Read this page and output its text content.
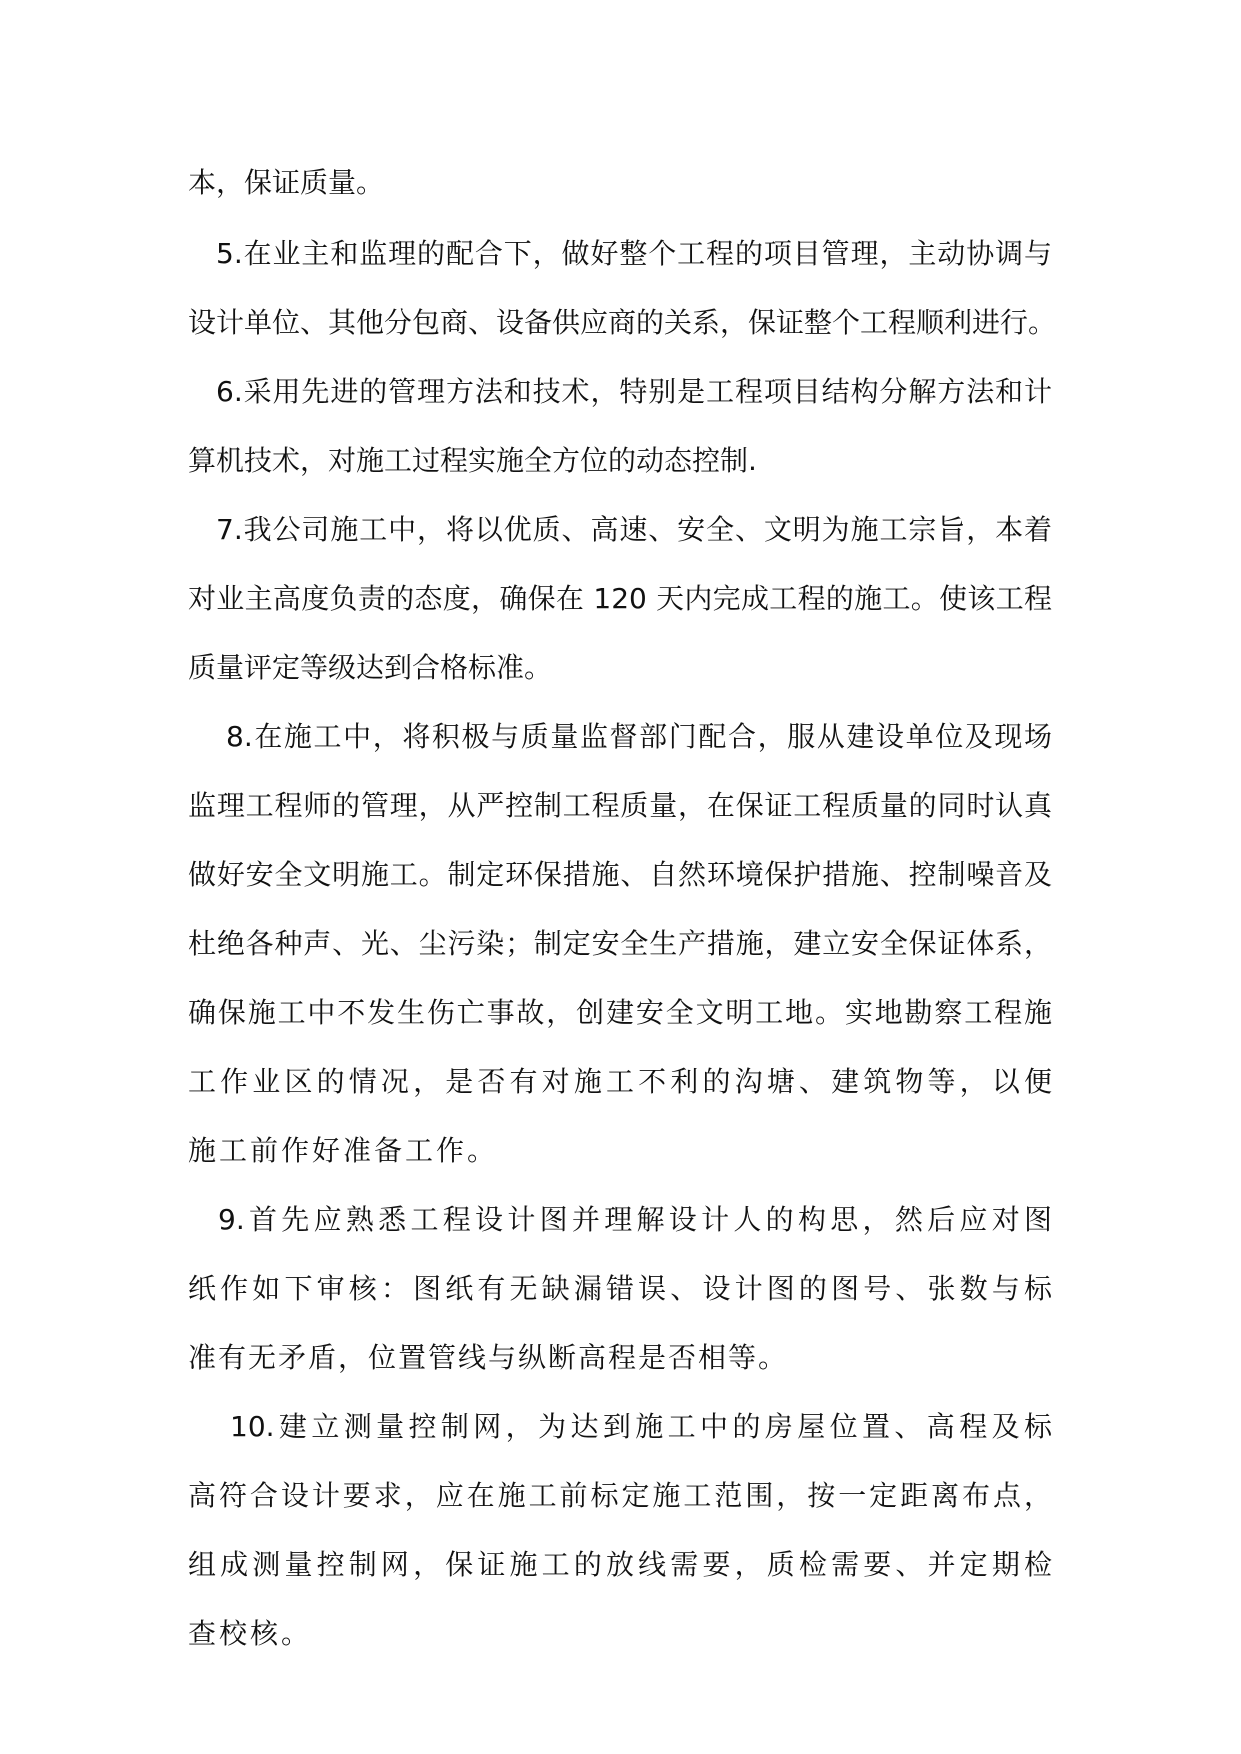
本，保证质量。
5.在业主和监理的配合下，做好整个工程的项目管理，主动协调与
设计单位、其他分包商、设备供应商的关系，保证整个工程顺利进行。
6.采用先进的管理方法和技术，特别是工程项目结构分解方法和计
算机技术，对施工过程实施全方位的动态控制.
7.我公司施工中，将以优质、高速、安全、文明为施工宗旨，本着
对业主高度负责的态度，确保在 120 天内完成工程的施工。使该工程
质量评定等级达到合格标准。
8.在施工中，将积极与质量监督部门配合，服从建设单位及现场
监理工程师的管理，从严控制工程质量，在保证工程质量的同时认真
做好安全文明施工。制定环保措施、自然环境保护措施、控制噪音及
杜绝各种声、光、尘污染；制定安全生产措施，建立安全保证体系，
确保施工中不发生伤亡事故，创建安全文明工地。实地勘察工程施
工作业区的情况，是否有对施工不利的沟塘、建筑物等，以便
施工前作好准备工作。
9.首先应熟悉工程设计图并理解设计人的构思，然后应对图
纸作如下审核：图纸有无缺漏错误、设计图的图号、张数与标
准有无矛盾，位置管线与纵断高程是否相等。
10.建立测量控制网，为达到施工中的房屋位置、高程及标
高符合设计要求，应在施工前标定施工范围，按一定距离布点，
组成测量控制网，保证施工的放线需要，质检需要、并定期检
查校核。
